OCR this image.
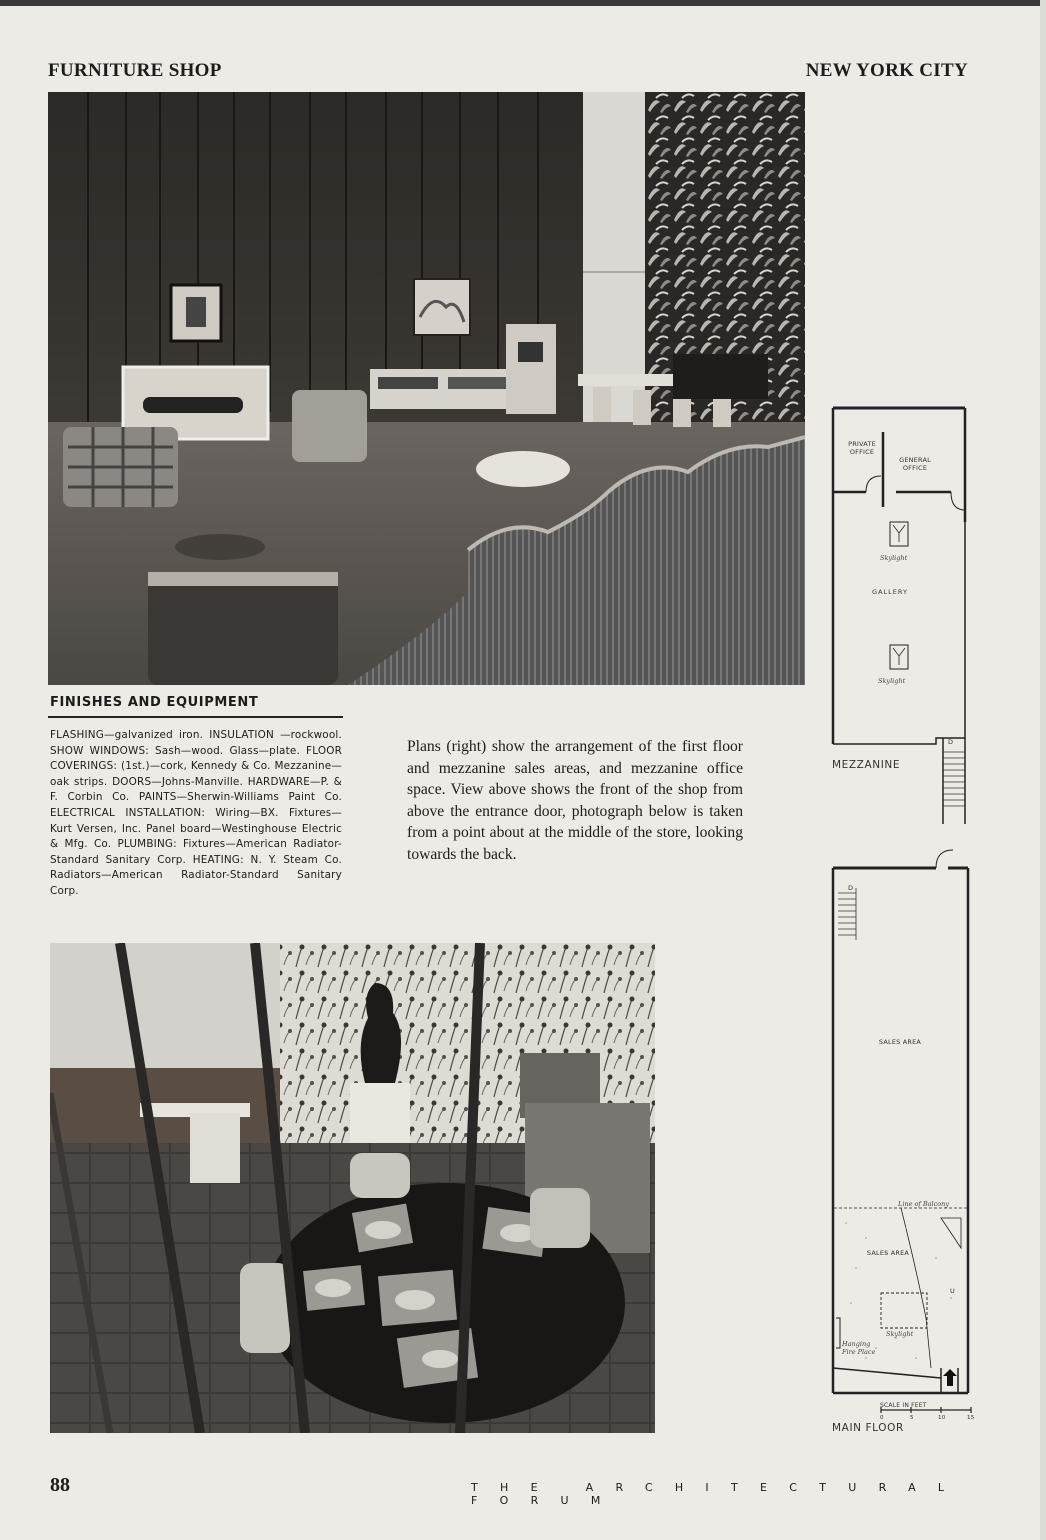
FURNITURE SHOP	NEW YORK CITY
FINISHES AND EQUIPMENT
FLASHING—galvanized iron. INSULATION —rockwool. SHOW WINDOWS: Sash—wood. Glass—plate. FLOOR COVERINGS: (1st.)—cork, Kennedy & Co. Mezzanine—oak strips. DOORS—Johns-Manville. HARDWARE—P. & F. Corbin Co. PAINTS—Sherwin-Williams Paint Co. ELECTRICAL INSTALLATION: Wiring—BX. Fixtures—Kurt Versen, Inc. Panel board—Westinghouse Electric & Mfg. Co. PLUMBING: Fixtures—American Radiator-Standard Sanitary Corp. HEATING: N. Y. Steam Co. Radiators—American Radiator-Standard Sanitary Corp.
Plans (right) show the arrangement of the first floor and mezzanine sales areas, and mezzanine office space. View above shows the front of the shop from above the entrance door, photograph below is taken from a point about at the middle of the store, looking towards the back.
PRIVATE OFFICE
GENERAL OFFICE
Skylight
GALLERY
Skylight
D
MEZZANINE
D
SALES AREA
Line of Balcony
SALES AREA
U
Skylight
Hanging Fire Place
SCALE IN FEET
0	5	10	15
MAIN FLOOR
88	THE ARCHITECTURAL FORUM
